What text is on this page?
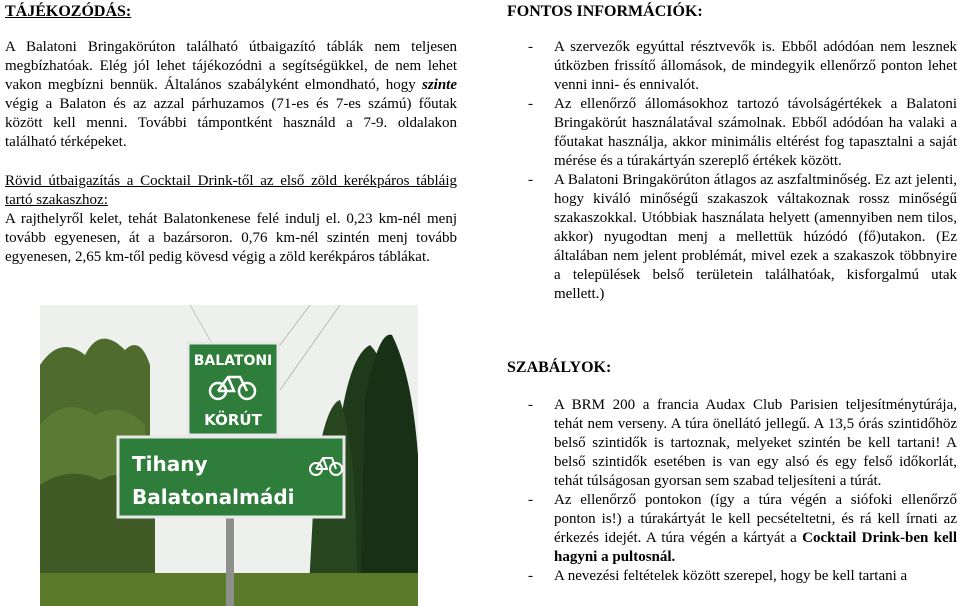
TÁJÉKOZÓDÁS:

A Balatoni Bringakörúton található útbaigazító táblák nem teljesen megbízhatóak. Elég jól lehet tájékozódni a segítségükkel, de nem lehet vakon megbízni bennük. Általános szabályként elmondható, hogy szinte végig a Balaton és az azzal párhuzamos (71-es és 7-es számú) főutak között kell menni. További támpontként használd a 7-9. oldalakon található térképeket.

Rövid útbaigazítás a Cocktail Drink-től az első zöld kerékpáros tábláig tartó szakaszhoz:
A rajthelyről kelet, tehát Balatonkenese felé indulj el. 0,23 km-nél menj tovább egyenesen, át a bazársoron. 0,76 km-nél szintén menj tovább egyenesen, 2,65 km-től pedig kövesd végig a zöld kerékpáros táblákat.

BALATONI
KÖRÚT
Tihany
Balatonalmádi
FONTOS INFORMÁCIÓK:
- A szervezők egyúttal résztvevők is. Ebből adódóan nem lesznek útközben frissítő állomások, de mindegyik ellenőrző ponton lehet venni inni- és ennivalót.
- Az ellenőrző állomásokhoz tartozó távolságértékek a Balatoni Bringakörút használatával számolnak. Ebből adódóan ha valaki a főutakat használja, akkor minimális eltérést fog tapasztalni a saját mérése és a túrakártyán szereplő értékek között.
- A Balatoni Bringakörúton átlagos az aszfaltminőség. Ez azt jelenti, hogy kiváló minőségű szakaszok váltakoznak rossz minőségű szakaszokkal. Utóbbiak használata helyett (amennyiben nem tilos, akkor) nyugodtan menj a mellettük húzódó (fő)utakon. (Ez általában nem jelent problémát, mivel ezek a szakaszok többnyire a települések belső területein találhatóak, kisforgalmú utak mellett.)
SZABÁLYOK:
- A BRM 200 a francia Audax Club Parisien teljesítménytúrája, tehát nem verseny. A túra önellátó jellegű. A 13,5 órás szintidőhöz belső szintidők is tartoznak, melyeket szintén be kell tartani! A belső szintidők esetében is van egy alsó és egy felső időkorlát, tehát túlságosan gyorsan sem szabad teljesíteni a túrát.
- Az ellenőrző pontokon (így a túra végén a siófoki ellenőrző ponton is!) a túrakártyát le kell pecsételtetni, és rá kell írnati az érkezés idejét. A túra végén a kártyát a Cocktail Drink-ben kell hagyni a pultosnál.
- A nevezési feltételek között szerepel, hogy be kell tartani a
